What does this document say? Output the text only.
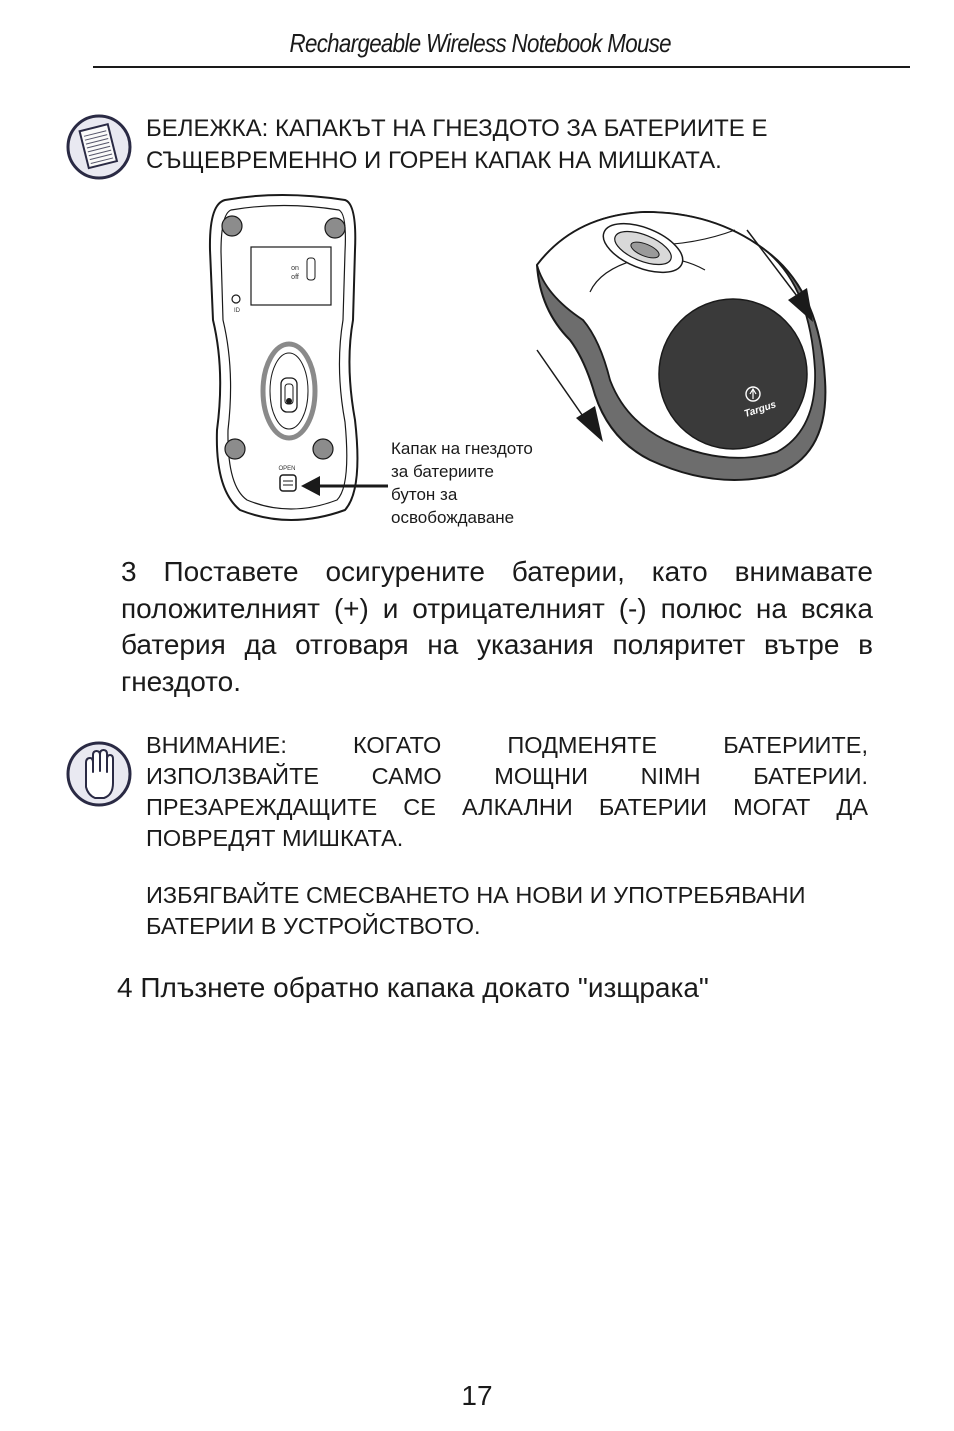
Rechargeable Wireless Notebook Mouse
БЕЛЕЖКА: КАПАКЪТ НА ГНЕЗДОТО ЗА БАТЕРИИТЕ Е СЪЩЕВРЕМЕННО И ГОРЕН КАПАК НА МИШКАТА.
on
off
ID
OPEN
Targus
Капак на гнездото
за батериите
бутон за
освобождаване
3 Поставете осигурените батерии, като внимавате положителният (+) и отрицателният (-) полюс на всяка батерия да отговаря на указания поляритет вътре в гнездото.
ВНИМАНИЕ: КОГАТО ПОДМЕНЯТЕ БАТЕРИИТЕ, ИЗПОЛЗВАЙТЕ САМО МОЩНИ NIMH БАТЕРИИ. ПРЕЗАРЕЖДАЩИТЕ СЕ АЛКАЛНИ БАТЕРИИ МОГАТ ДА ПОВРЕДЯТ МИШКАТА.
ИЗБЯГВАЙТЕ СМЕСВАНЕТО НА НОВИ И УПОТРЕБЯВАНИ БАТЕРИИ В УСТРОЙСТВОТО.
4 Плъзнете обратно капака докато "изщрака"
17
